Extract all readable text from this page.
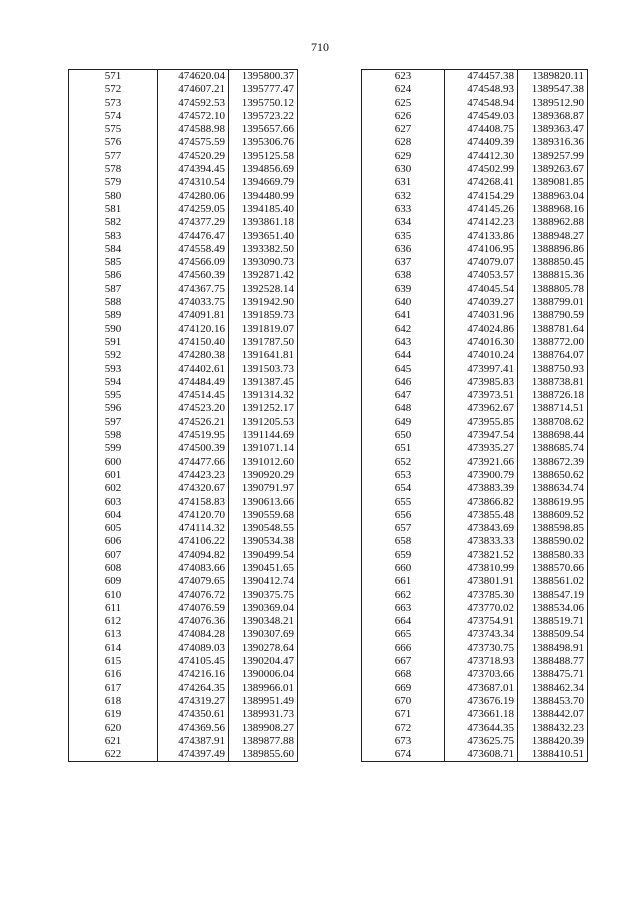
710
571	474620.04	1395800.37
572	474607.21	1395777.47
573	474592.53	1395750.12
574	474572.10	1395723.22
575	474588.98	1395657.66
576	474575.59	1395306.76
577	474520.29	1395125.58
578	474394.45	1394856.69
579	474310.54	1394669.79
580	474280.06	1394480.99
581	474259.05	1394185.40
582	474377.29	1393861.18
583	474476.47	1393651.40
584	474558.49	1393382.50
585	474566.09	1393090.73
586	474560.39	1392871.42
587	474367.75	1392528.14
588	474033.75	1391942.90
589	474091.81	1391859.73
590	474120.16	1391819.07
591	474150.40	1391787.50
592	474280.38	1391641.81
593	474402.61	1391503.73
594	474484.49	1391387.45
595	474514.45	1391314.32
596	474523.20	1391252.17
597	474526.21	1391205.53
598	474519.95	1391144.69
599	474500.39	1391071.14
600	474477.66	1391012.60
601	474423.23	1390920.29
602	474320.67	1390791.97
603	474158.83	1390613.66
604	474120.70	1390559.68
605	474114.32	1390548.55
606	474106.22	1390534.38
607	474094.82	1390499.54
608	474083.66	1390451.65
609	474079.65	1390412.74
610	474076.72	1390375.75
611	474076.59	1390369.04
612	474076.36	1390348.21
613	474084.28	1390307.69
614	474089.03	1390278.64
615	474105.45	1390204.47
616	474216.16	1390006.04
617	474264.35	1389966.01
618	474319.27	1389951.49
619	474350.61	1389931.73
620	474369.56	1389908.27
621	474387.91	1389877.88
622	474397.49	1389855.60
623	474457.38	1389820.11
624	474548.93	1389547.38
625	474548.94	1389512.90
626	474549.03	1389368.87
627	474408.75	1389363.47
628	474409.39	1389316.36
629	474412.30	1389257.99
630	474502.99	1389263.67
631	474268.41	1389081.85
632	474154.29	1388963.04
633	474145.26	1388968.16
634	474142.23	1388962.88
635	474133.86	1388948.27
636	474106.95	1388896.86
637	474079.07	1388850.45
638	474053.57	1388815.36
639	474045.54	1388805.78
640	474039.27	1388799.01
641	474031.96	1388790.59
642	474024.86	1388781.64
643	474016.30	1388772.00
644	474010.24	1388764.07
645	473997.41	1388750.93
646	473985.83	1388738.81
647	473973.51	1388726.18
648	473962.67	1388714.51
649	473955.85	1388708.62
650	473947.54	1388698.44
651	473935.27	1388685.74
652	473921.66	1388672.39
653	473900.79	1388650.62
654	473883.39	1388634.74
655	473866.82	1388619.95
656	473855.48	1388609.52
657	473843.69	1388598.85
658	473833.33	1388590.02
659	473821.52	1388580.33
660	473810.99	1388570.66
661	473801.91	1388561.02
662	473785.30	1388547.19
663	473770.02	1388534.06
664	473754.91	1388519.71
665	473743.34	1388509.54
666	473730.75	1388498.91
667	473718.93	1388488.77
668	473703.66	1388475.71
669	473687.01	1388462.34
670	473676.19	1388453.70
671	473661.18	1388442.07
672	473644.35	1388432.23
673	473625.75	1388420.39
674	473608.71	1388410.51
